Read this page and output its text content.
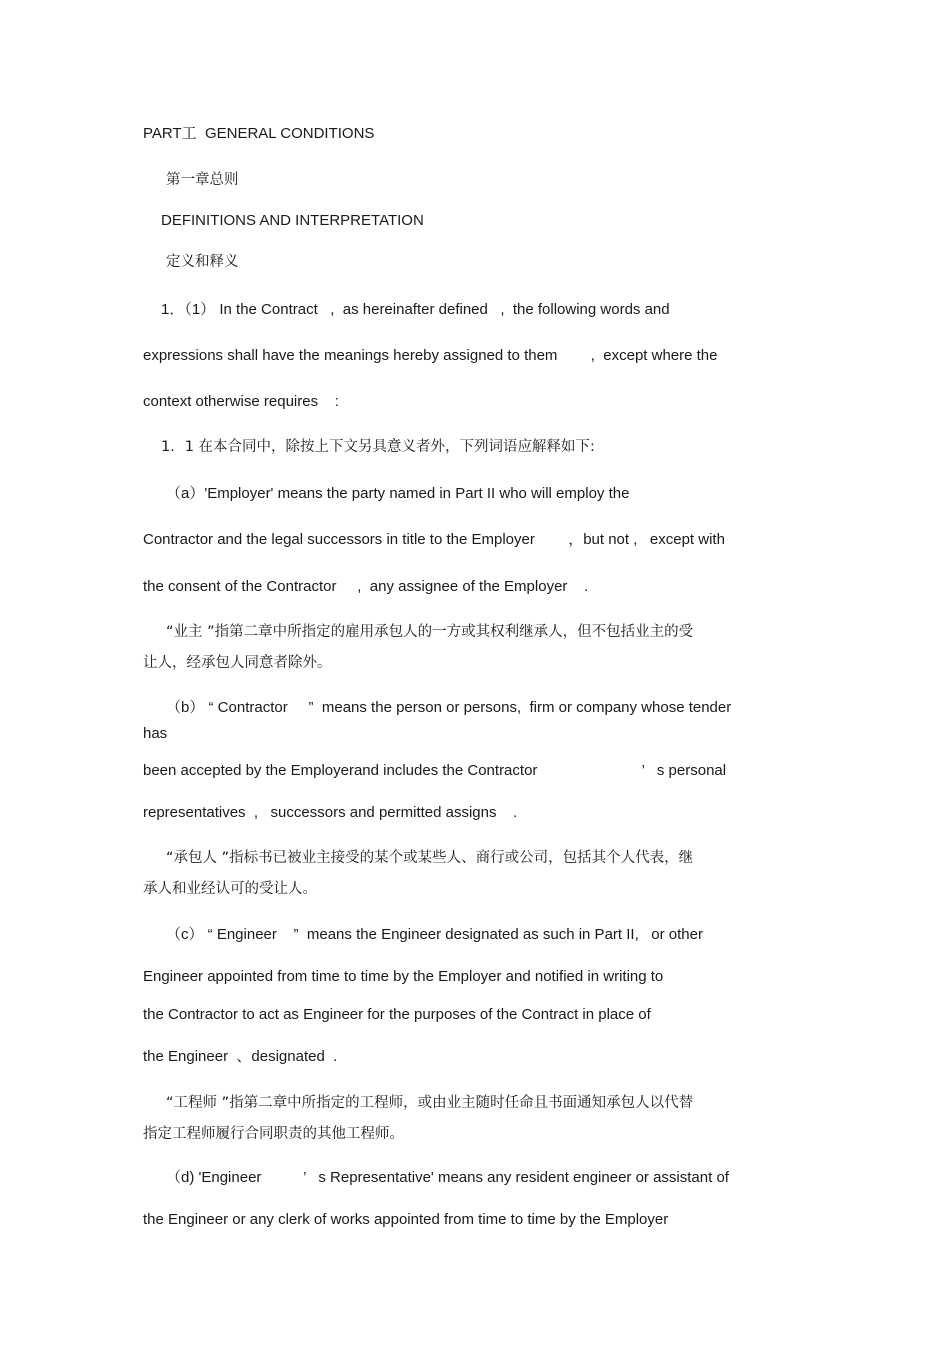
PART工  GENERAL CONDITIONS
第一章总则
DEFINITIONS AND INTERPRETATION
定义和释义
1．（1） In the Contract   ,  as hereinafter defined   ,  the following words and
expressions shall have the meanings hereby assigned to them        ,  except where the
context otherwise requires    :
1．1 在本合同中，除按上下文另具意义者外，下列词语应解释如下:
（a）'Employer' means the party named in Part II who will employ the
Contractor and the legal successors in title to the Employer        ，but not ,   except with
the consent of the Contractor     ,  any assignee of the Employer    .
“业主 ”指第二章中所指定的雇用承包人的一方或其权利继承人，但不包括业主的受
让人，经承包人同意者除外。
（b） “ Contractor     ”  means the person or persons,  firm or company whose tender
has
been accepted by the Employerand includes the Contractor                         ’   s personal
representatives  ,   successors and permitted assigns    .
“承包人 ”指标书已被业主接受的某个或某些人、商行或公司，包括其个人代表，继
承人和业经认可的受让人。
（c） “ Engineer    ”  means the Engineer designated as such in Part II,   or other
Engineer appointed from time to time by the Employer and notified in writing to
the Contractor to act as Engineer for the purposes of the Contract in place of
the Engineer  、designated  .
“工程师 ”指第二章中所指定的工程师，或由业主随时任命且书面通知承包人以代替
指定工程师履行合同职责的其他工程师。
（d) 'Engineer          ’   s Representative' means any resident engineer or assistant of
the Engineer or any clerk of works appointed from time to time by the Employer
